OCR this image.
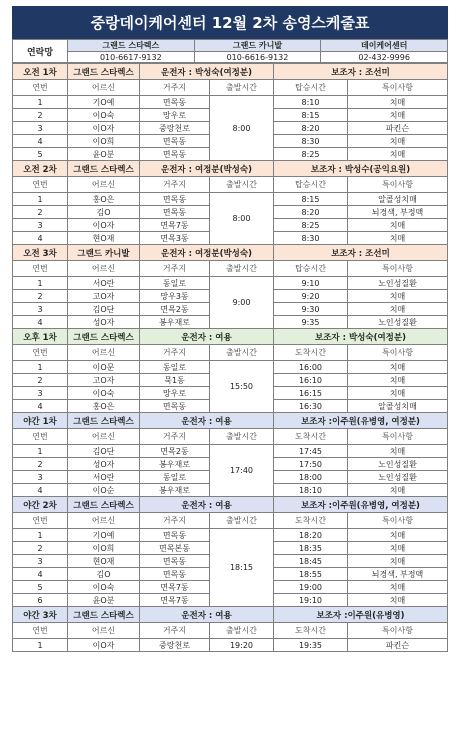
중랑데이케어센터 12월 2차 송영스케줄표
연락망	그랜드 스타렉스	그랜드 카니발	데이케어센터
	010-6617-9132	010-6616-9132	02-432-9996
오전 1차	그랜드 스타렉스	운전자 : 박성숙(여정분)		보조자 : 조선미	
연번	어르신	거주지	출발시간	탑승시간	특이사항
1	기O예	면목동	8:00	8:10	치매
2	이O숙	망우로		8:15	치매
3	이O자	중랑천로		8:20	파킨슨
4	이O희	면목동		8:30	치매
5	윤O분	면목동		8:25	치매
오전 2차	그랜드 스타렉스	운전자 : 여정분(박성숙)		보조자 : 박성수(공익요원)	
연번	어르신	거주지	출발시간	탑승시간	특이사항
1	홍O은	면목동	8:00	8:15	알콜성치매
2	김O	면목동		8:20	뇌경색, 부정맥
3	이O자	면목7동		8:25	치매
4	현O재	면목3동		8:30	치매
오전 3차	그랜드 카니발	운전자 : 여정분(박성숙)		보조자 : 조선미	
연번	어르신	거주지	출발시간	탑승시간	특이사항
1	서O란	동일로	9:00	9:10	노인성질환
2	고O자	망우3동		9:20	치매
3	김O단	면목2동		9:30	치매
4	성O자	봉우재로		9:35	노인성질환
오후 1차	그랜드 스타렉스	운전자 : 여용		보조자 : 박성숙(여정분)	
연번	어르신	거주지	출발시간	도착시간	특이사항
1	이O문	동일로	15:50	16:00	치매
2	고O자	묵1동		16:10	치매
3	이O숙	망우로		16:15	치매
4	홍O은	면목동		16:30	알콜성치매
야간 1차	그랜드 스타렉스	운전자 : 여용		보조자 :이주원(유병영, 여정분)	
연번	어르신	거주지	출발시간	도착시간	특이사항
1	김O단	면목2동	17:40	17:45	치매
2	성O자	봉우재로		17:50	노인성질환
3	서O란	동일로		18:00	노인성질환
4	이O순	봉우재로		18:10	치매
야간 2차	그랜드 스타렉스	운전자 : 여용		보조자 :이주원(유병영, 여정분)	
연번	어르신	거주지	출발시간	도착시간	특이사항
1	기O예	면목동	18:15	18:20	치매
2	이O희	면목본동		18:35	치매
3	현O재	면목동		18:45	치매
4	김O	면목동		18:55	뇌경색, 부정맥
5	이O숙	면목7동		19:00	치매
6	윤O분	면목7동		19:10	치매
야간 3차	그랜드 스타렉스	운전자 : 여용		보조자 :이주원(유병영)	
연번	어르신	거주지	출발시간	도착시간	특이사항
1	이O자	중랑천로	19:20	19:35	파킨슨
